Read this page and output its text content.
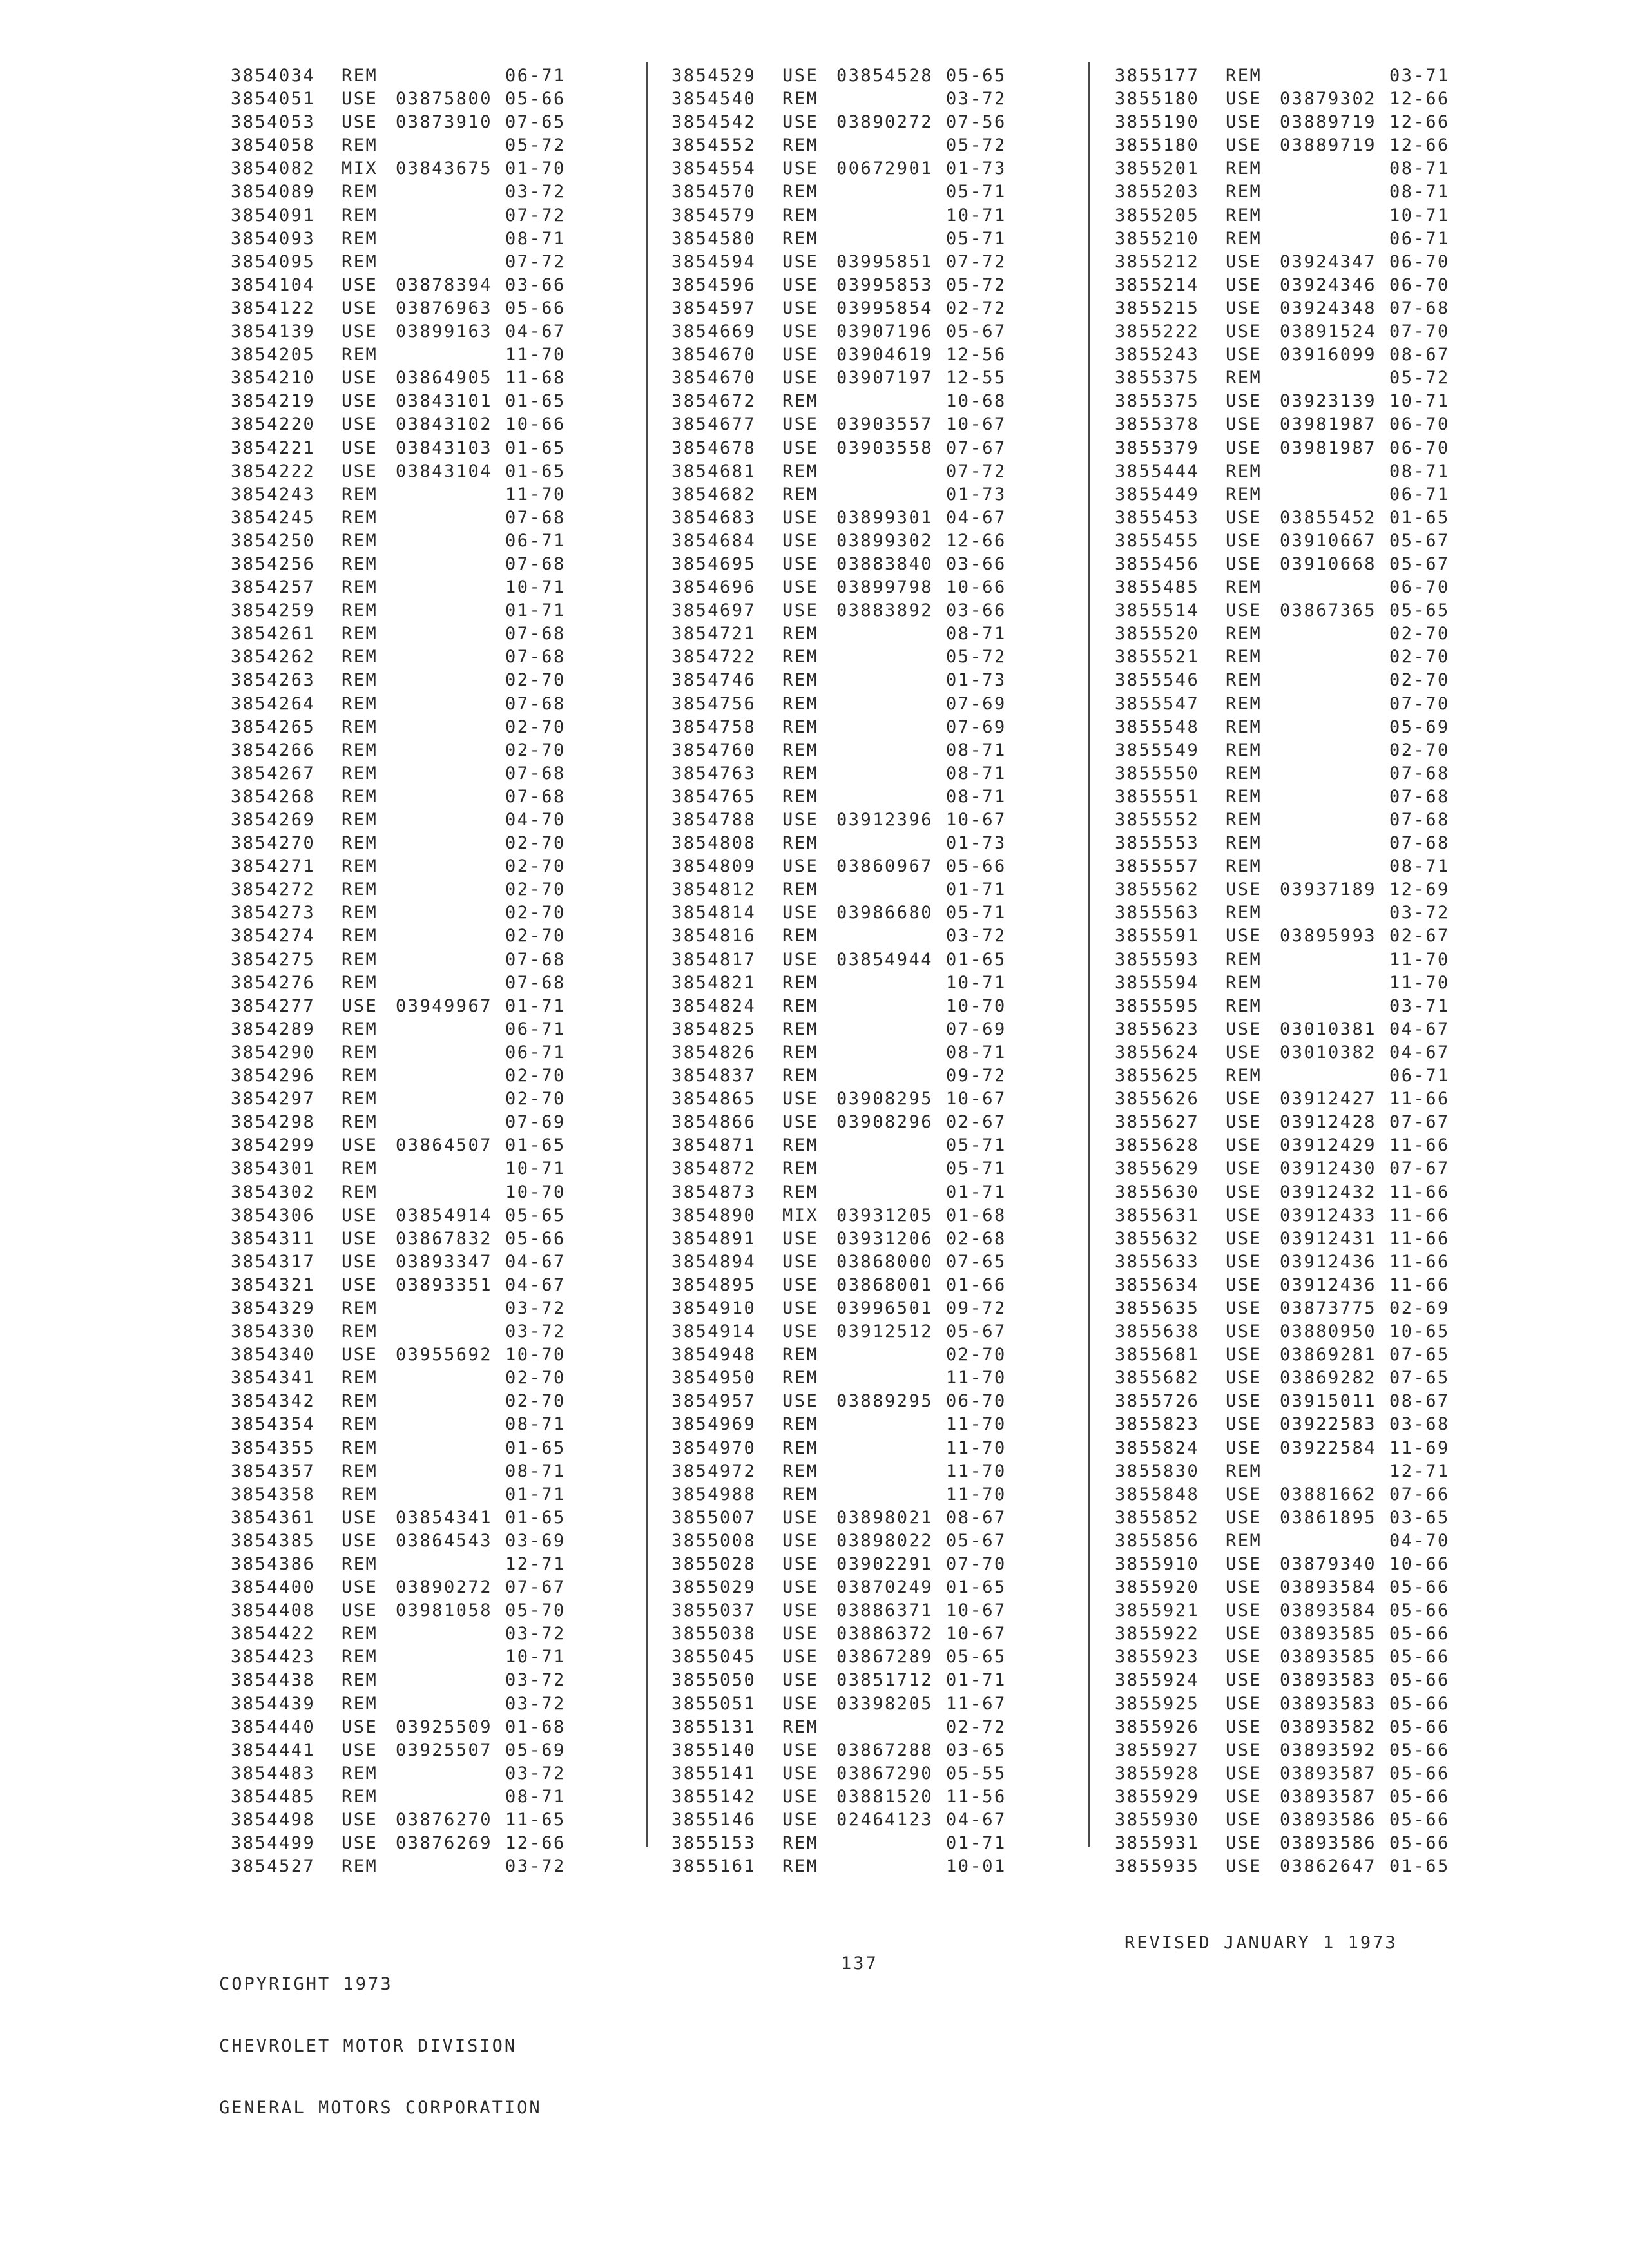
3854034 REM	06-71
3854051 USE 03875800 05-66
3854053 USE 03873910 07-65
3854058 REM	05-72
3854082 MIX 03843675 01-70
3854089 REM	03-72
3854091 REM	07-72
3854093 REM	08-71
3854095 REM	07-72
3854104 USE 03878394 03-66
3854122 USE 03876963 05-66
3854139 USE 03899163 04-67
3854205 REM	11-70
3854210 USE 03864905 11-68
3854219 USE 03843101 01-65
3854220 USE 03843102 10-66
3854221 USE 03843103 01-65
3854222 USE 03843104 01-65
3854243 REM	11-70
3854245 REM	07-68
3854250 REM	06-71
3854256 REM	07-68
3854257 REM	10-71
3854259 REM	01-71
3854261 REM	07-68
3854262 REM	07-68
3854263 REM	02-70
3854264 REM	07-68
3854265 REM	02-70
3854266 REM	02-70
3854267 REM	07-68
3854268 REM	07-68
3854269 REM	04-70
3854270 REM	02-70
3854271 REM	02-70
3854272 REM	02-70
3854273 REM	02-70
3854274 REM	02-70
3854275 REM	07-68
3854276 REM	07-68
3854277 USE 03949967 01-71
3854289 REM	06-71
3854290 REM	06-71
3854296 REM	02-70
3854297 REM	02-70
3854298 REM	07-69
3854299 USE 03864507 01-65
3854301 REM	10-71
3854302 REM	10-70
3854306 USE 03854914 05-65
3854311 USE 03867832 05-66
3854317 USE 03893347 04-67
3854321 USE 03893351 04-67
3854329 REM	03-72
3854330 REM	03-72
3854340 USE 03955692 10-70
3854341 REM	02-70
3854342 REM	02-70
3854354 REM	08-71
3854355 REM	01-65
3854357 REM	08-71
3854358 REM	01-71
3854361 USE 03854341 01-65
3854385 USE 03864543 03-69
3854386 REM	12-71
3854400 USE 03890272 07-67
3854408 USE 03981058 05-70
3854422 REM	03-72
3854423 REM	10-71
3854438 REM	03-72
3854439 REM	03-72
3854440 USE 03925509 01-68
3854441 USE 03925507 05-69
3854483 REM	03-72
3854485 REM	08-71
3854498 USE 03876270 11-65
3854499 USE 03876269 12-66
3854527 REM	03-72
3854529 USE 03854528 05-65
3854540 REM	03-72
3854542 USE 03890272 07-56
3854552 REM	05-72
3854554 USE 00672901 01-73
3854570 REM	05-71
3854579 REM	10-71
3854580 REM	05-71
3854594 USE 03995851 07-72
3854596 USE 03995853 05-72
3854597 USE 03995854 02-72
3854669 USE 03907196 05-67
3854670 USE 03904619 12-56
3854670 USE 03907197 12-55
3854672 REM	10-68
3854677 USE 03903557 10-67
3854678 USE 03903558 07-67
3854681 REM	07-72
3854682 REM	01-73
3854683 USE 03899301 04-67
3854684 USE 03899302 12-66
3854695 USE 03883840 03-66
3854696 USE 03899798 10-66
3854697 USE 03883892 03-66
3854721 REM	08-71
3854722 REM	05-72
3854746 REM	01-73
3854756 REM	07-69
3854758 REM	07-69
3854760 REM	08-71
3854763 REM	08-71
3854765 REM	08-71
3854788 USE 03912396 10-67
3854808 REM	01-73
3854809 USE 03860967 05-66
3854812 REM	01-71
3854814 USE 03986680 05-71
3854816 REM	03-72
3854817 USE 03854944 01-65
3854821 REM	10-71
3854824 REM	10-70
3854825 REM	07-69
3854826 REM	08-71
3854837 REM	09-72
3854865 USE 03908295 10-67
3854866 USE 03908296 02-67
3854871 REM	05-71
3854872 REM	05-71
3854873 REM	01-71
3854890 MIX 03931205 01-68
3854891 USE 03931206 02-68
3854894 USE 03868000 07-65
3854895 USE 03868001 01-66
3854910 USE 03996501 09-72
3854914 USE 03912512 05-67
3854948 REM	02-70
3854950 REM	11-70
3854957 USE 03889295 06-70
3854969 REM	11-70
3854970 REM	11-70
3854972 REM	11-70
3854988 REM	11-70
3855007 USE 03898021 08-67
3855008 USE 03898022 05-67
3855028 USE 03902291 07-70
3855029 USE 03870249 01-65
3855037 USE 03886371 10-67
3855038 USE 03886372 10-67
3855045 USE 03867289 05-65
3855050 USE 03851712 01-71
3855051 USE 03398205 11-67
3855131 REM	02-72
3855140 USE 03867288 03-65
3855141 USE 03867290 05-55
3855142 USE 03881520 11-56
3855146 USE 02464123 04-67
3855153 REM	01-71
3855161 REM	10-01
3855177 REM	03-71
3855180 USE 03879302 12-66
3855190 USE 03889719 12-66
3855180 USE 03889719 12-66
3855201 REM	08-71
3855203 REM	08-71
3855205 REM	10-71
3855210 REM	06-71
3855212 USE 03924347 06-70
3855214 USE 03924346 06-70
3855215 USE 03924348 07-68
3855222 USE 03891524 07-70
3855243 USE 03916099 08-67
3855375 REM	05-72
3855375 USE 03923139 10-71
3855378 USE 03981987 06-70
3855379 USE 03981987 06-70
3855444 REM	08-71
3855449 REM	06-71
3855453 USE 03855452 01-65
3855455 USE 03910667 05-67
3855456 USE 03910668 05-67
3855485 REM	06-70
3855514 USE 03867365 05-65
3855520 REM	02-70
3855521 REM	02-70
3855546 REM	02-70
3855547 REM	07-70
3855548 REM	05-69
3855549 REM	02-70
3855550 REM	07-68
3855551 REM	07-68
3855552 REM	07-68
3855553 REM	07-68
3855557 REM	08-71
3855562 USE 03937189 12-69
3855563 REM	03-72
3855591 USE 03895993 02-67
3855593 REM	11-70
3855594 REM	11-70
3855595 REM	03-71
3855623 USE 03010381 04-67
3855624 USE 03010382 04-67
3855625 REM	06-71
3855626 USE 03912427 11-66
3855627 USE 03912428 07-67
3855628 USE 03912429 11-66
3855629 USE 03912430 07-67
3855630 USE 03912432 11-66
3855631 USE 03912433 11-66
3855632 USE 03912431 11-66
3855633 USE 03912436 11-66
3855634 USE 03912436 11-66
3855635 USE 03873775 02-69
3855638 USE 03880950 10-65
3855681 USE 03869281 07-65
3855682 USE 03869282 07-65
3855726 USE 03915011 08-67
3855823 USE 03922583 03-68
3855824 USE 03922584 11-69
3855830 REM	12-71
3855848 USE 03881662 07-66
3855852 USE 03861895 03-65
3855856 REM	04-70
3855910 USE 03879340 10-66
3855920 USE 03893584 05-66
3855921 USE 03893584 05-66
3855922 USE 03893585 05-66
3855923 USE 03893585 05-66
3855924 USE 03893583 05-66
3855925 USE 03893583 05-66
3855926 USE 03893582 05-66
3855927 USE 03893592 05-66
3855928 USE 03893587 05-66
3855929 USE 03893587 05-66
3855930 USE 03893586 05-66
3855931 USE 03893586 05-66
3855935 USE 03862647 01-65

COPYRIGHT 1973

CHEVROLET MOTOR DIVISION

GENERAL MOTORS CORPORATION

137
REVISED JANUARY 1 1973
